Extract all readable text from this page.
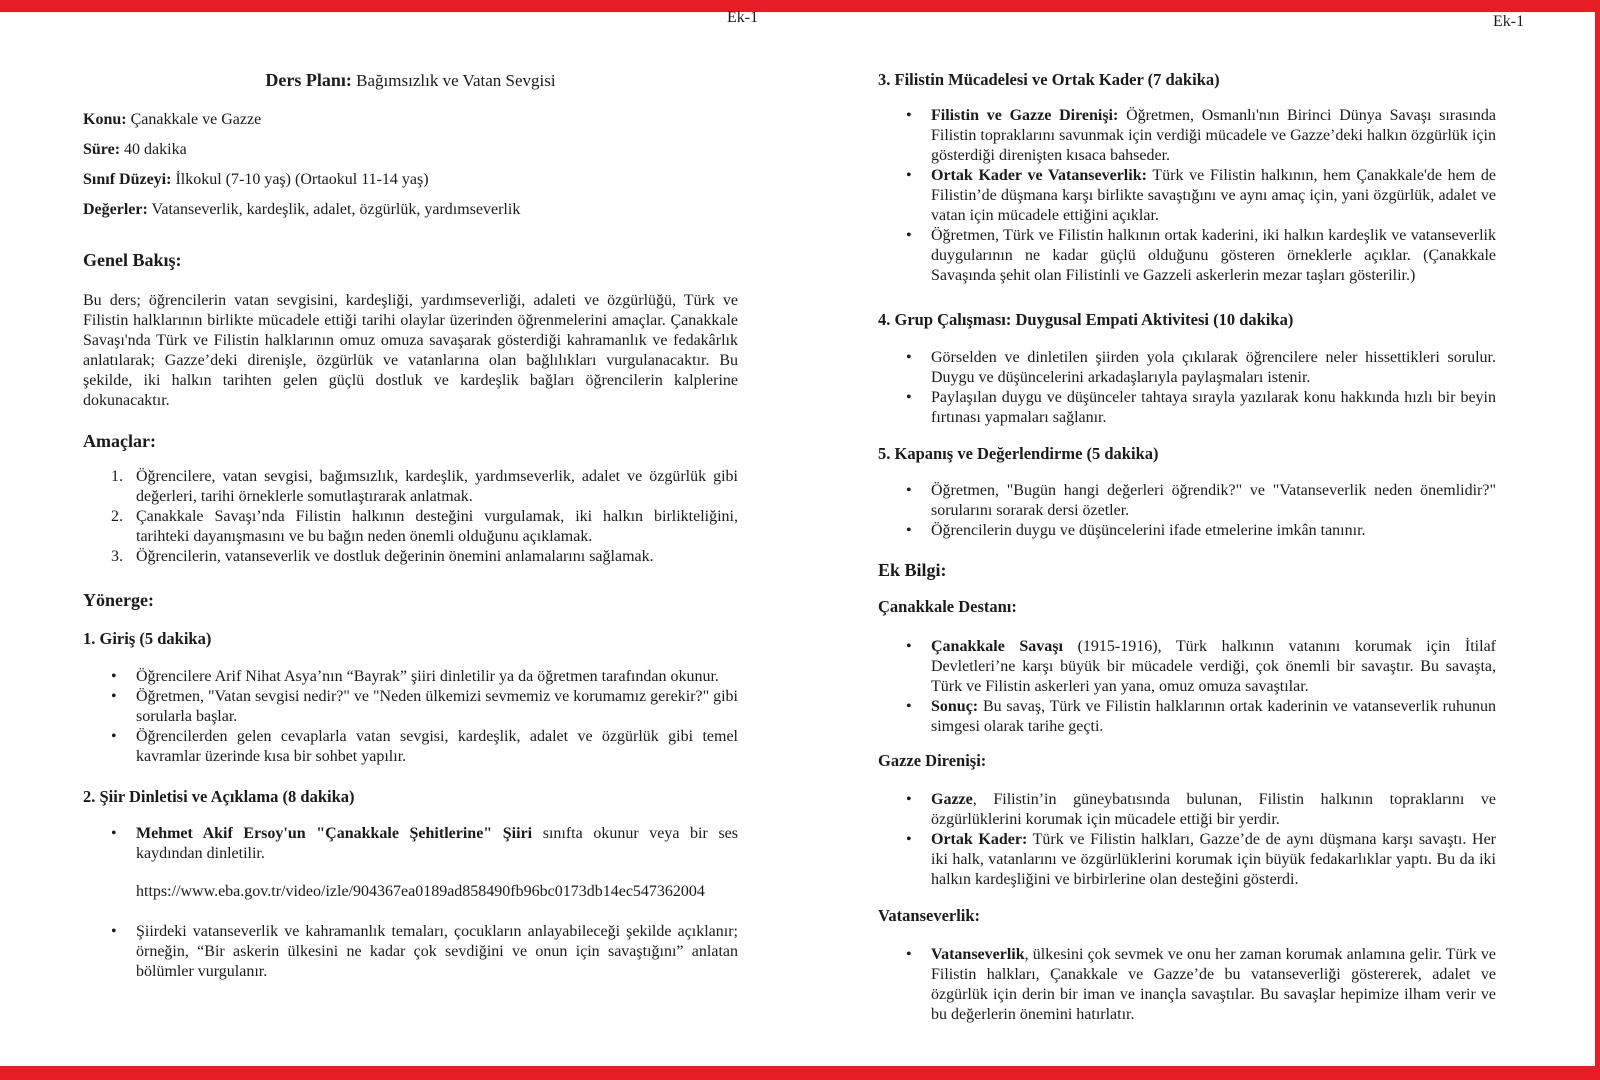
Ek-1	Ek-1

Ders Planı: Bağımsızlık ve Vatan Sevgisi

Konu: Çanakkale ve Gazze

Süre: 40 dakika

Sınıf Düzeyi: İlkokul (7-10 yaş) (Ortaokul 11-14 yaş)

Değerler: Vatanseverlik, kardeşlik, adalet, özgürlük, yardımseverlik

Genel Bakış:

Bu ders; öğrencilerin vatan sevgisini, kardeşliği, yardımseverliği, adaleti ve özgürlüğü, Türk ve Filistin halklarının birlikte mücadele ettiği tarihi olaylar üzerinden öğrenmelerini amaçlar. Çanakkale Savaşı'nda Türk ve Filistin halklarının omuz omuza savaşarak gösterdiği kahramanlık ve fedakârlık anlatılarak; Gazze’deki direnişle, özgürlük ve vatanlarına olan bağlılıkları vurgulanacaktır. Bu şekilde, iki halkın tarihten gelen güçlü dostluk ve kardeşlik bağları öğrencilerin kalplerine dokunacaktır.

Amaçlar:
1. Öğrencilere, vatan sevgisi, bağımsızlık, kardeşlik, yardımseverlik, adalet ve özgürlük gibi değerleri, tarihi örneklerle somutlaştırarak anlatmak.
2. Çanakkale Savaşı’nda Filistin halkının desteğini vurgulamak, iki halkın birlikteliğini, tarihteki dayanışmasını ve bu bağın neden önemli olduğunu açıklamak.
3. Öğrencilerin, vatanseverlik ve dostluk değerinin önemini anlamalarını sağlamak.
Yönerge:
1. Giriş (5 dakika)
•	Öğrencilere Arif Nihat Asya’nın “Bayrak” şiiri dinletilir ya da öğretmen tarafından okunur.
•	Öğretmen, "Vatan sevgisi nedir?" ve "Neden ülkemizi sevmemiz ve korumamız gerekir?" gibi sorularla başlar.
•	Öğrencilerden gelen cevaplarla vatan sevgisi, kardeşlik, adalet ve özgürlük gibi temel kavramlar üzerinde kısa bir sohbet yapılır.
2. Şiir Dinletisi ve Açıklama (8 dakika)
•	Mehmet Akif Ersoy'un "Çanakkale Şehitlerine" Şiiri sınıfta okunur veya bir ses kaydından dinletilir.

https://www.eba.gov.tr/video/izle/904367ea0189ad858490fb96bc0173db14ec547362004

•	Şiirdeki vatanseverlik ve kahramanlık temaları, çocukların anlayabileceği şekilde açıklanır; örneğin, “Bir askerin ülkesini ne kadar çok sevdiğini ve onun için savaştığını” anlatan bölümler vurgulanır.
3. Filistin Mücadelesi ve Ortak Kader (7 dakika)
•	Filistin ve Gazze Direnişi: Öğretmen, Osmanlı'nın Birinci Dünya Savaşı sırasında Filistin topraklarını savunmak için verdiği mücadele ve Gazze’deki halkın özgürlük için gösterdiği direnişten kısaca bahseder.
•	Ortak Kader ve Vatanseverlik: Türk ve Filistin halkının, hem Çanakkale'de hem de Filistin’de düşmana karşı birlikte savaştığını ve aynı amaç için, yani özgürlük, adalet ve vatan için mücadele ettiğini açıklar.
•	Öğretmen, Türk ve Filistin halkının ortak kaderini, iki halkın kardeşlik ve vatanseverlik duygularının ne kadar güçlü olduğunu gösteren örneklerle açıklar. (Çanakkale Savaşında şehit olan Filistinli ve Gazzeli askerlerin mezar taşları gösterilir.)
4. Grup Çalışması: Duygusal Empati Aktivitesi (10 dakika)
•	Görselden ve dinletilen şiirden yola çıkılarak öğrencilere neler hissettikleri sorulur. Duygu ve düşüncelerini arkadaşlarıyla paylaşmaları istenir.
•	Paylaşılan duygu ve düşünceler tahtaya sırayla yazılarak konu hakkında hızlı bir beyin fırtınası yapmaları sağlanır.
5. Kapanış ve Değerlendirme (5 dakika)
•	Öğretmen, "Bugün hangi değerleri öğrendik?" ve "Vatanseverlik neden önemlidir?" sorularını sorarak dersi özetler.
•	Öğrencilerin duygu ve düşüncelerini ifade etmelerine imkân tanınır.
Ek Bilgi:
Çanakkale Destanı:
•	Çanakkale Savaşı (1915-1916), Türk halkının vatanını korumak için İtilaf Devletleri’ne karşı büyük bir mücadele verdiği, çok önemli bir savaştır. Bu savaşta, Türk ve Filistin askerleri yan yana, omuz omuza savaştılar.
•	Sonuç: Bu savaş, Türk ve Filistin halklarının ortak kaderinin ve vatanseverlik ruhunun simgesi olarak tarihe geçti.
Gazze Direnişi:
•	Gazze, Filistin’in güneybatısında bulunan, Filistin halkının topraklarını ve özgürlüklerini korumak için mücadele ettiği bir yerdir.
•	Ortak Kader: Türk ve Filistin halkları, Gazze’de de aynı düşmana karşı savaştı. Her iki halk, vatanlarını ve özgürlüklerini korumak için büyük fedakarlıklar yaptı. Bu da iki halkın kardeşliğini ve birbirlerine olan desteğini gösterdi.
Vatanseverlik:
•	Vatanseverlik, ülkesini çok sevmek ve onu her zaman korumak anlamına gelir. Türk ve Filistin halkları, Çanakkale ve Gazze’de bu vatanseverliği göstererek, adalet ve özgürlük için derin bir iman ve inançla savaştılar. Bu savaşlar hepimize ilham verir ve bu değerlerin önemini hatırlatır.
